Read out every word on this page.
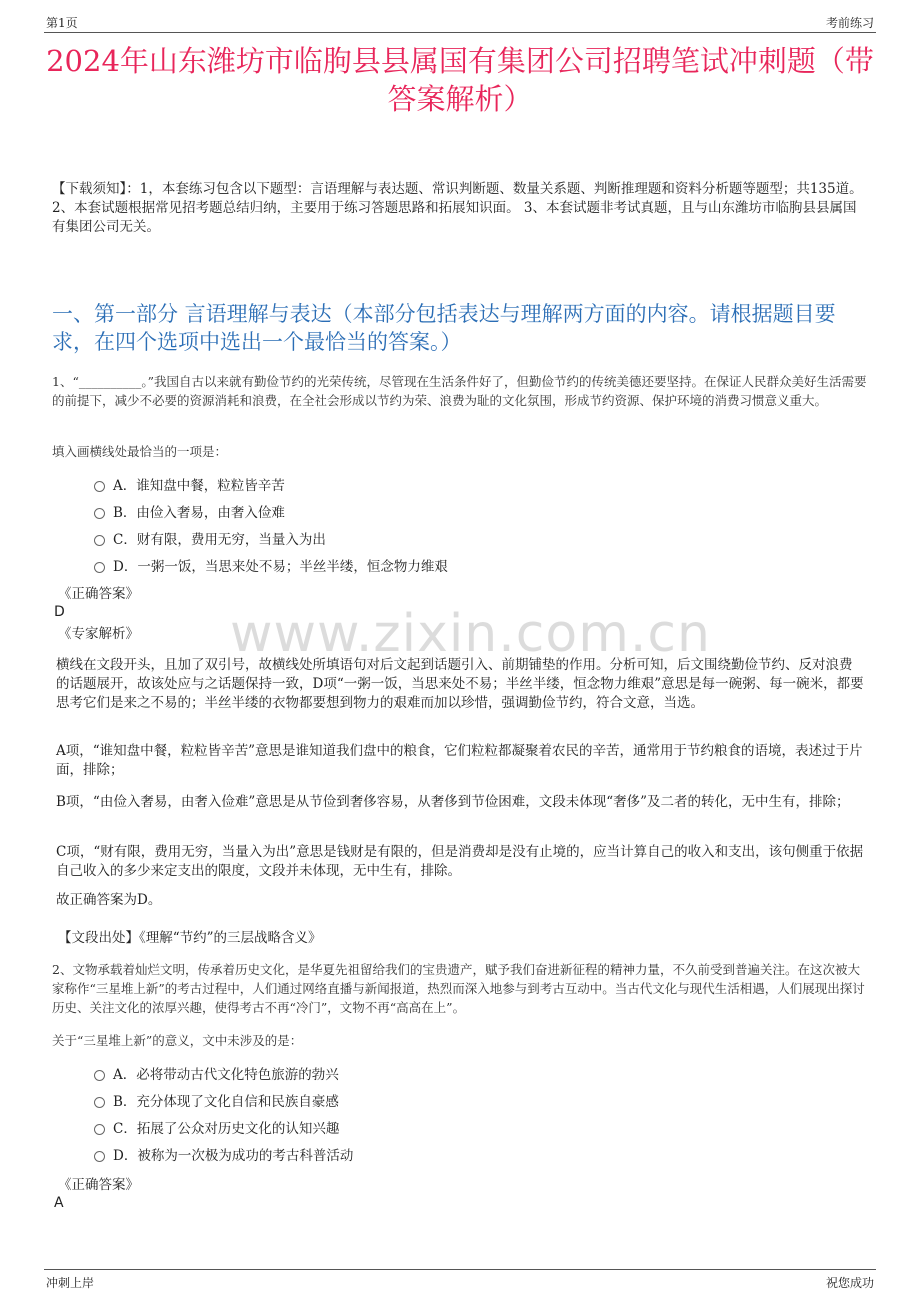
第1页	考前练习
2024年山东潍坊市临朐县县属国有集团公司招聘笔试冲刺题（带答案解析）
【下载须知】：1，本套练习包含以下题型：言语理解与表达题、常识判断题、数量关系题、判断推理题和资料分析题等题型；共135道。 2、本套试题根据常见招考题总结归纳，主要用于练习答题思路和拓展知识面。 3、本套试题非考试真题，且与山东潍坊市临朐县县属国有集团公司无关。
一、第一部分 言语理解与表达（本部分包括表达与理解两方面的内容。请根据题目要求，在四个选项中选出一个最恰当的答案。）
1、“__________。”我国自古以来就有勤俭节约的光荣传统，尽管现在生活条件好了，但勤俭节约的传统美德还要坚持。在保证人民群众美好生活需要的前提下，减少不必要的资源消耗和浪费，在全社会形成以节约为荣、浪费为耻的文化氛围，形成节约资源、保护环境的消费习惯意义重大。
填入画横线处最恰当的一项是：
A．谁知盘中餐，粒粒皆辛苦
B．由俭入奢易，由奢入俭难
C．财有限，费用无穷，当量入为出
D．一粥一饭，当思来处不易；半丝半缕，恒念物力维艰
《正确答案》
D
《专家解析》 www.zixin.com.cn
横线在文段开头，且加了双引号，故横线处所填语句对后文起到话题引入、前期铺垫的作用。分析可知，后文围绕勤俭节约、反对浪费的话题展开，故该处应与之话题保持一致，D项“一粥一饭，当思来处不易；半丝半缕，恒念物力维艰”意思是每一碗粥、每一碗米，都要思考它们是来之不易的；半丝半缕的衣物都要想到物力的艰难而加以珍惜，强调勤俭节约，符合文意，当选。
A项，“谁知盘中餐，粒粒皆辛苦”意思是谁知道我们盘中的粮食，它们粒粒都凝聚着农民的辛苦，通常用于节约粮食的语境，表述过于片面，排除；
B项，“由俭入奢易，由奢入俭难”意思是从节俭到奢侈容易，从奢侈到节俭困难，文段未体现“奢侈”及二者的转化，无中生有，排除；
C项，“财有限，费用无穷，当量入为出”意思是钱财是有限的，但是消费却是没有止境的，应当计算自己的收入和支出，该句侧重于依据自己收入的多少来定支出的限度，文段并未体现，无中生有，排除。
故正确答案为D。
【文段出处】《理解“节约”的三层战略含义》
2、文物承载着灿烂文明，传承着历史文化，是华夏先祖留给我们的宝贵遗产，赋予我们奋进新征程的精神力量，不久前受到普遍关注。在这次被大家称作“三星堆上新”的考古过程中，人们通过网络直播与新闻报道，热烈而深入地参与到考古互动中。当古代文化与现代生活相遇，人们展现出探讨历史、关注文化的浓厚兴趣，使得考古不再“冷门”，文物不再“高高在上”。
关于“三星堆上新”的意义，文中未涉及的是：
A．必将带动古代文化特色旅游的勃兴
B．充分体现了文化自信和民族自豪感
C．拓展了公众对历史文化的认知兴趣
D．被称为一次极为成功的考古科普活动
《正确答案》
A
冲刺上岸	祝您成功
